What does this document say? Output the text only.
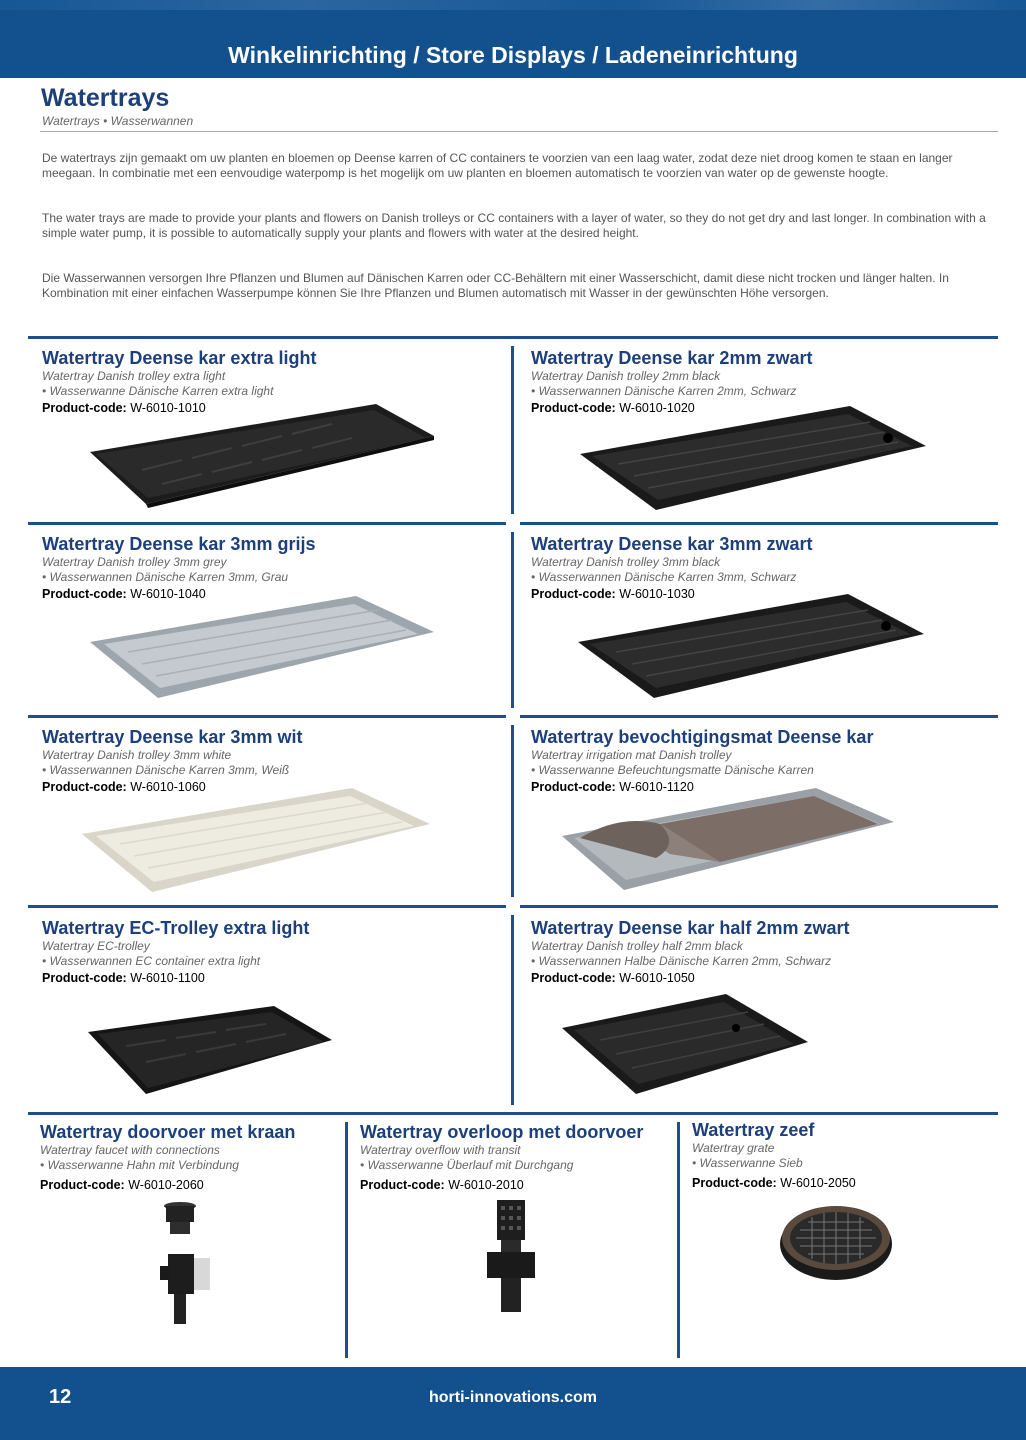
Winkelinrichting / Store Displays / Ladeneinrichtung
Watertrays
Watertrays • Wasserwannen

De watertrays zijn gemaakt om uw planten en bloemen op Deense karren of CC containers te voorzien van een laag water, zodat deze niet droog komen te staan en langer meegaan. In combinatie met een eenvoudige waterpomp is het mogelijk om uw planten en bloemen automatisch te voorzien van water op de gewenste hoogte.

The water trays are made to provide your plants and flowers on Danish trolleys or CC containers with a layer of water, so they do not get dry and last longer. In combination with a simple water pump, it is possible to automatically supply your plants and flowers with water at the desired height.

Die Wasserwannen versorgen Ihre Pflanzen und Blumen auf Dänischen Karren oder CC-Behältern mit einer Wasserschicht, damit diese nicht trocken und länger halten. In Kombination mit einer einfachen Wasserpumpe können Sie Ihre Pflanzen und Blumen automatisch mit Wasser in der gewünschten Höhe versorgen.

Watertray Deense kar extra light
Watertray Danish trolley extra light
• Wasserwanne Dänische Karren extra light
Product-code: W-6010-1010
Watertray Deense kar 2mm zwart
Watertray Danish trolley 2mm black
• Wasserwannen Dänische Karren 2mm, Schwarz
Product-code: W-6010-1020
Watertray Deense kar 3mm grijs
Watertray Danish trolley 3mm grey
• Wasserwannen Dänische Karren 3mm, Grau
Product-code: W-6010-1040
Watertray Deense kar 3mm zwart
Watertray Danish trolley 3mm black
• Wasserwannen Dänische Karren 3mm, Schwarz
Product-code: W-6010-1030
Watertray Deense kar 3mm wit
Watertray Danish trolley 3mm white
• Wasserwannen Dänische Karren 3mm, Weiß
Product-code: W-6010-1060
Watertray bevochtigingsmat Deense kar
Watertray irrigation mat Danish trolley
• Wasserwanne Befeuchtungsmatte Dänische Karren
Product-code: W-6010-1120
Watertray EC-Trolley extra light
Watertray EC-trolley
• Wasserwannen EC container extra light
Product-code: W-6010-1100
Watertray Deense kar half 2mm zwart
Watertray Danish trolley half 2mm black
• Wasserwannen Halbe Dänische Karren 2mm, Schwarz
Product-code: W-6010-1050
Watertray doorvoer met kraan
Watertray faucet with connections
• Wasserwanne Hahn mit Verbindung
Product-code: W-6010-2060
Watertray overloop met doorvoer
Watertray overflow with transit
• Wasserwanne Überlauf mit Durchgang
Product-code: W-6010-2010
Watertray zeef
Watertray grate
• Wasserwanne Sieb
Product-code: W-6010-2050
12	horti-innovations.com
